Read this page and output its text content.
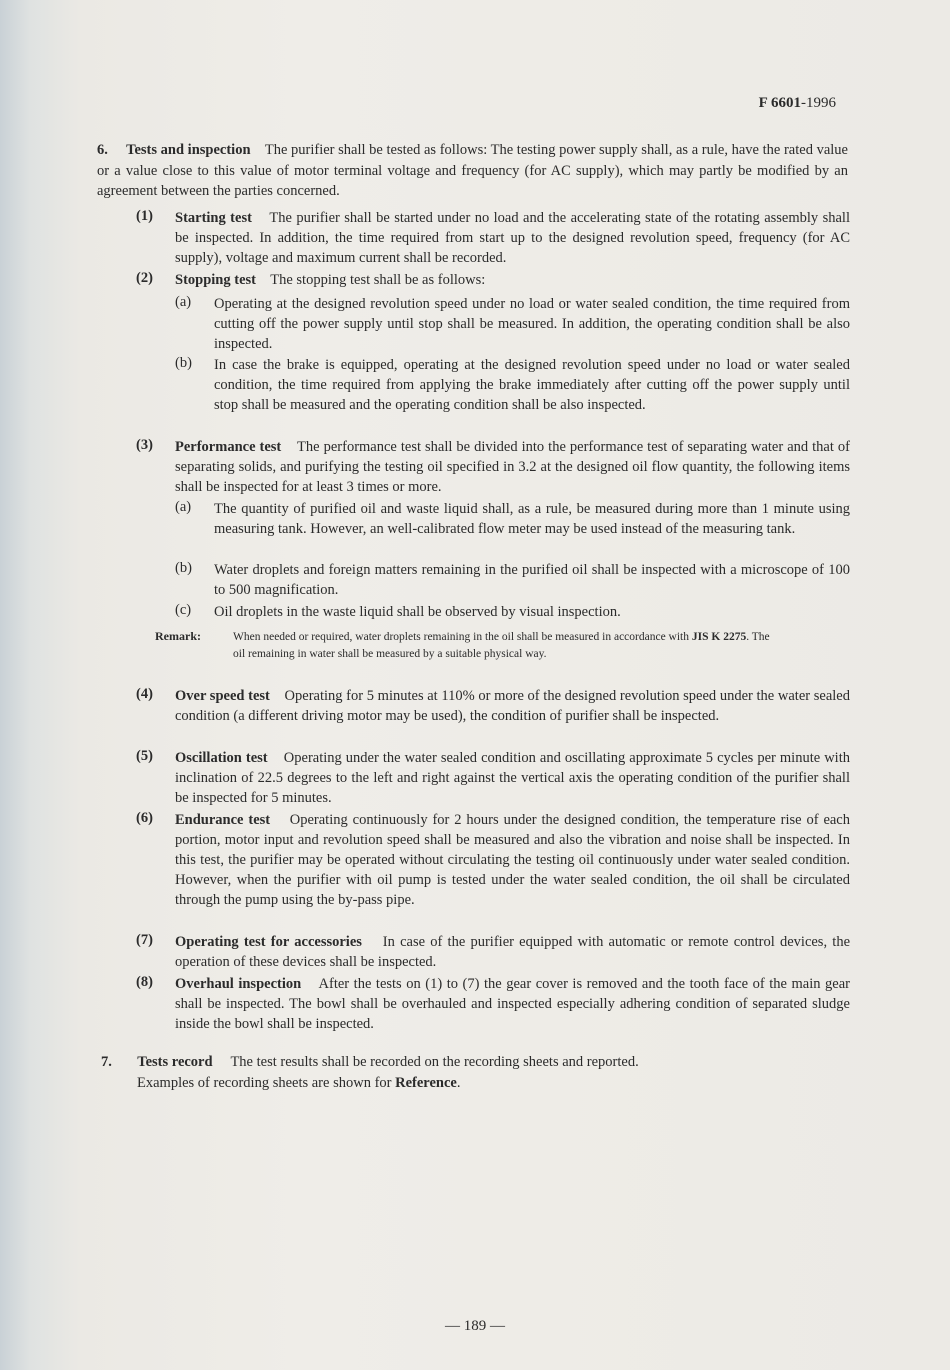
F 6601-1996
6. Tests and inspection The purifier shall be tested as follows: The testing power supply shall, as a rule, have the rated value or a value close to this value of motor terminal voltage and frequency (for AC supply), which may partly be modified by an agreement between the parties concerned.
(1) Starting test The purifier shall be started under no load and the accelerating state of the rotating assembly shall be inspected. In addition, the time required from start up to the designed revolution speed, frequency (for AC supply), voltage and maximum current shall be recorded.
(2) Stopping test The stopping test shall be as follows:
(a) Operating at the designed revolution speed under no load or water sealed condition, the time required from cutting off the power supply until stop shall be measured. In addition, the operating condition shall be also inspected.
(b) In case the brake is equipped, operating at the designed revolution speed under no load or water sealed condition, the time required from applying the brake immediately after cutting off the power supply until stop shall be measured and the operating condition shall be also inspected.
(3) Performance test The performance test shall be divided into the performance test of separating water and that of separating solids, and purifying the testing oil specified in 3.2 at the designed oil flow quantity, the following items shall be inspected for at least 3 times or more.
(a) The quantity of purified oil and waste liquid shall, as a rule, be measured during more than 1 minute using measuring tank. However, an well-calibrated flow meter may be used instead of the measuring tank.
(b) Water droplets and foreign matters remaining in the purified oil shall be inspected with a microscope of 100 to 500 magnification.
(c) Oil droplets in the waste liquid shall be observed by visual inspection.
Remark:	When needed or required, water droplets remaining in the oil shall be measured in accordance with JIS K 2275. The oil remaining in water shall be measured by a suitable physical way.
(4) Over speed test Operating for 5 minutes at 110% or more of the designed revolution speed under the water sealed condition (a different driving motor may be used), the condition of purifier shall be inspected.
(5) Oscillation test Operating under the water sealed condition and oscillating approximate 5 cycles per minute with inclination of 22.5 degrees to the left and right against the vertical axis the operating condition of the purifier shall be inspected for 5 minutes.
(6) Endurance test Operating continuously for 2 hours under the designed condition, the temperature rise of each portion, motor input and revolution speed shall be measured and also the vibration and noise shall be inspected. In this test, the purifier may be operated without circulating the testing oil continuously under water sealed condition. However, when the purifier with oil pump is tested under the water sealed condition, the oil shall be circulated through the pump using the by-pass pipe.
(7) Operating test for accessories In case of the purifier equipped with automatic or remote control devices, the operation of these devices shall be inspected.
(8) Overhaul inspection After the tests on (1) to (7) the gear cover is removed and the tooth face of the main gear shall be inspected. The bowl shall be overhauled and inspected especially adhering condition of separated sludge inside the bowl shall be inspected.
7. Tests record The test results shall be recorded on the recording sheets and reported.
Examples of recording sheets are shown for Reference.
— 189 —
